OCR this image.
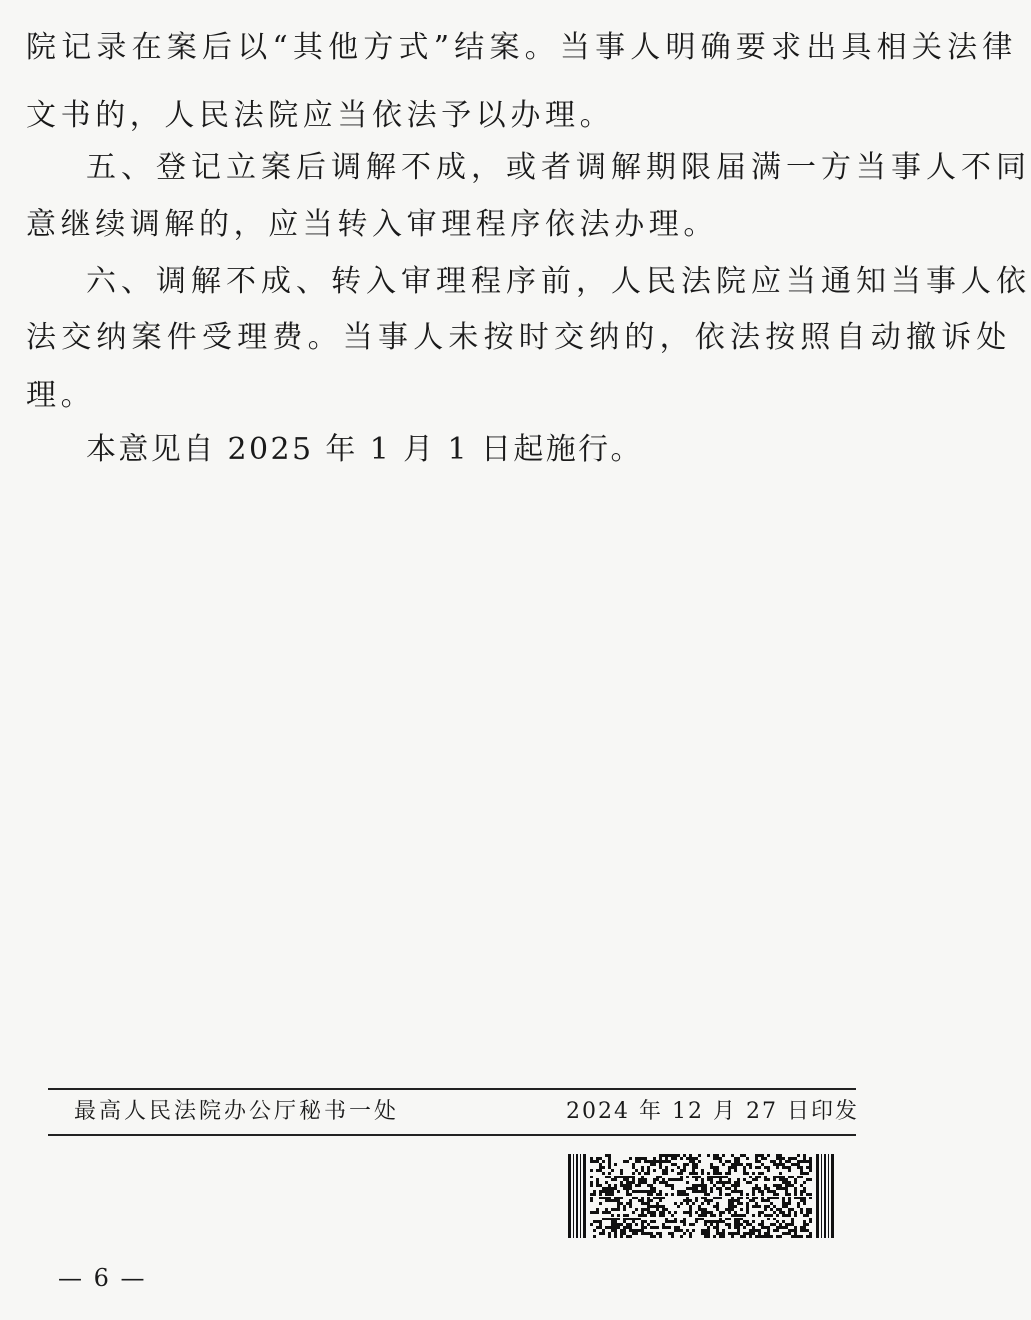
院记录在案后以“其他方式”结案。当事人明确要求出具相关法律
文书的，人民法院应当依法予以办理。
五、登记立案后调解不成，或者调解期限届满一方当事人不同
意继续调解的，应当转入审理程序依法办理。
六、调解不成、转入审理程序前，人民法院应当通知当事人依
法交纳案件受理费。当事人未按时交纳的，依法按照自动撤诉处
理。
本意见自 2025 年 1 月 1 日起施行。
最高人民法院办公厅秘书一处	2024 年 12 月 27 日印发
— 6 —
